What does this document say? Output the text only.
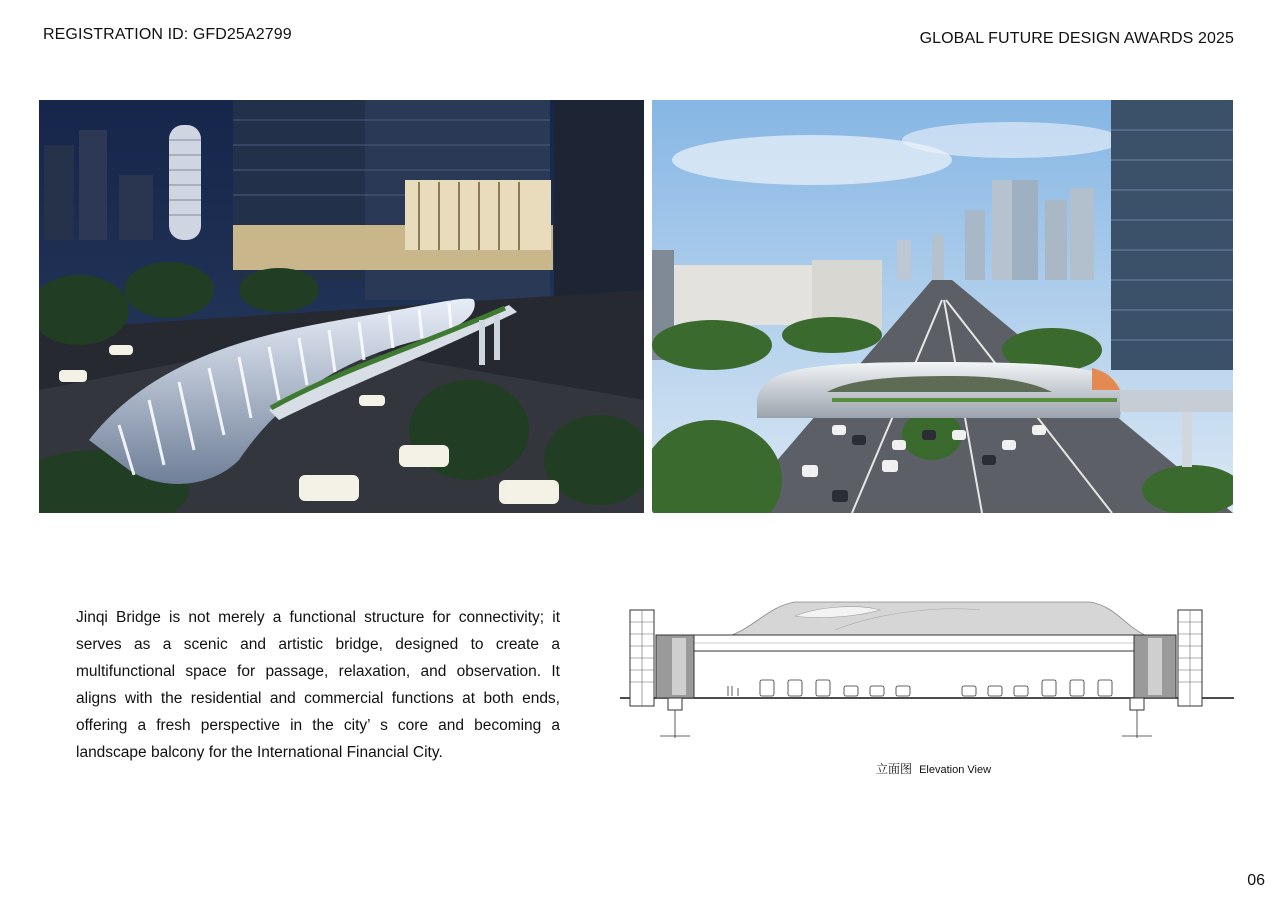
REGISTRATION ID: GFD25A2799	GLOBAL FUTURE DESIGN AWARDS 2025

Jinqi Bridge is not merely a functional structure for connectivity; it serves as a scenic and artistic bridge, designed to create a multifunctional space for passage, relaxation, and observation. It aligns with the residential and commercial functions at both ends, offering a fresh perspective in the city’ s core and becoming a landscape balcony for the International Financial City.

立面图 Elevation View
06
